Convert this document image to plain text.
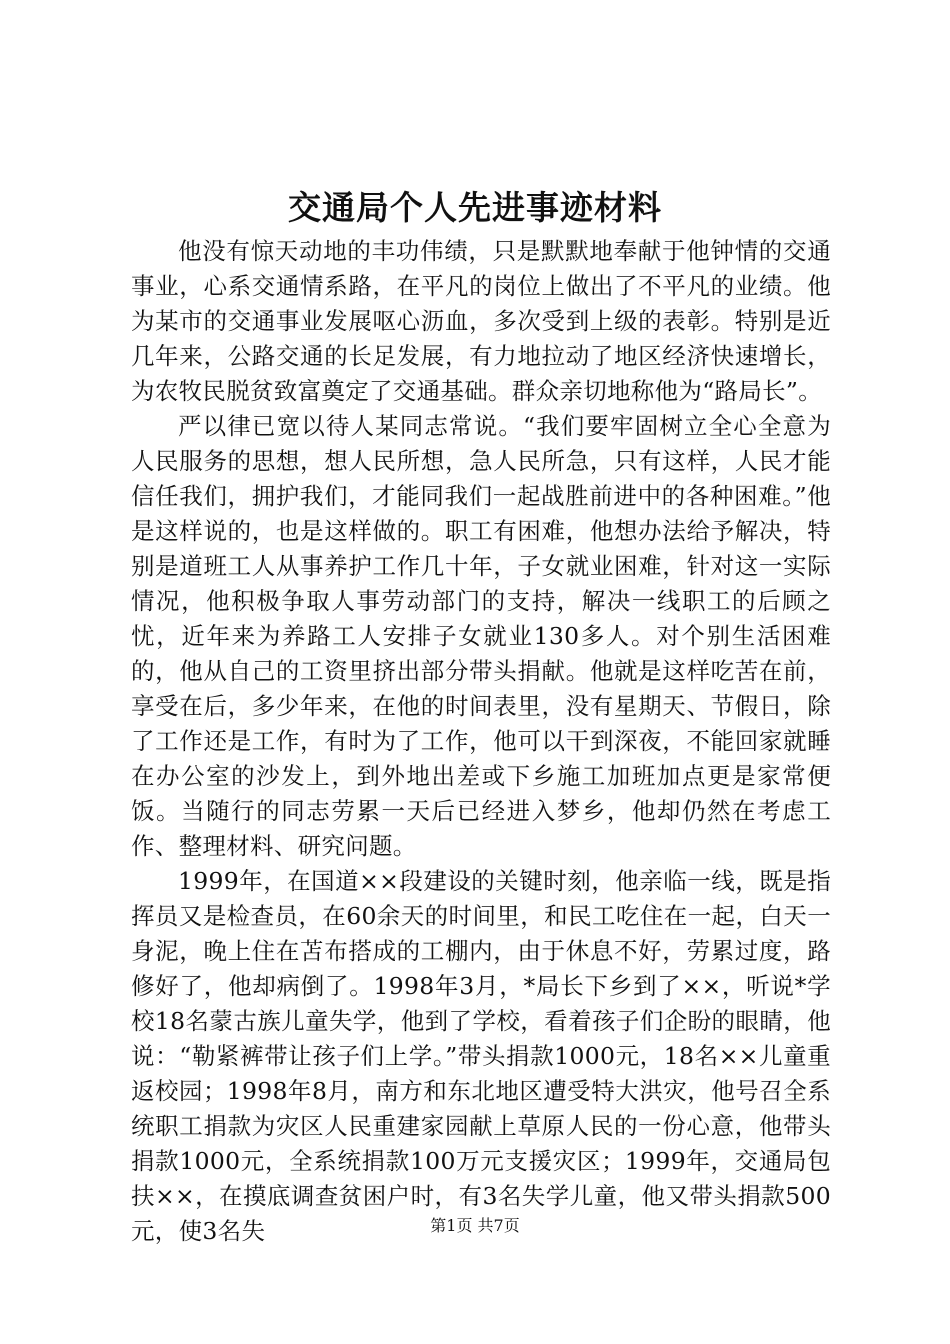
交通局个人先进事迹材料

他没有惊天动地的丰功伟绩，只是默默地奉献于他钟情的交通事业，心系交通情系路，在平凡的岗位上做出了不平凡的业绩。他为某市的交通事业发展呕心沥血，多次受到上级的表彰。特别是近几年来，公路交通的长足发展，有力地拉动了地区经济快速增长，为农牧民脱贫致富奠定了交通基础。群众亲切地称他为“路局长”。

严以律已宽以待人某同志常说。“我们要牢固树立全心全意为人民服务的思想，想人民所想，急人民所急，只有这样，人民才能信任我们，拥护我们，才能同我们一起战胜前进中的各种困难。”他是这样说的，也是这样做的。职工有困难，他想办法给予解决，特别是道班工人从事养护工作几十年，子女就业困难，针对这一实际情况，他积极争取人事劳动部门的支持，解决一线职工的后顾之忧，近年来为养路工人安排子女就业130多人。对个别生活困难的，他从自己的工资里挤出部分带头捐献。他就是这样吃苦在前，享受在后，多少年来，在他的时间表里，没有星期天、节假日，除了工作还是工作，有时为了工作，他可以干到深夜，不能回家就睡在办公室的沙发上，到外地出差或下乡施工加班加点更是家常便饭。当随行的同志劳累一天后已经进入梦乡，他却仍然在考虑工作、整理材料、研究问题。

1999年，在国道××段建设的关键时刻，他亲临一线，既是指挥员又是检查员，在60余天的时间里，和民工吃住在一起，白天一身泥，晚上住在苫布搭成的工棚内，由于休息不好，劳累过度，路修好了，他却病倒了。1998年3月，*局长下乡到了××，听说*学校18名蒙古族儿童失学，他到了学校，看着孩子们企盼的眼睛，他说：“勒紧裤带让孩子们上学。”带头捐款1000元，18名××儿童重返校园；1998年8月，南方和东北地区遭受特大洪灾，他号召全系统职工捐款为灾区人民重建家园献上草原人民的一份心意，他带头捐款1000元，全系统捐款100万元支援灾区；1999年，交通局包扶××，在摸底调查贫困户时，有3名失学儿童，他又带头捐款500元，使3名失	第1页 共7页
